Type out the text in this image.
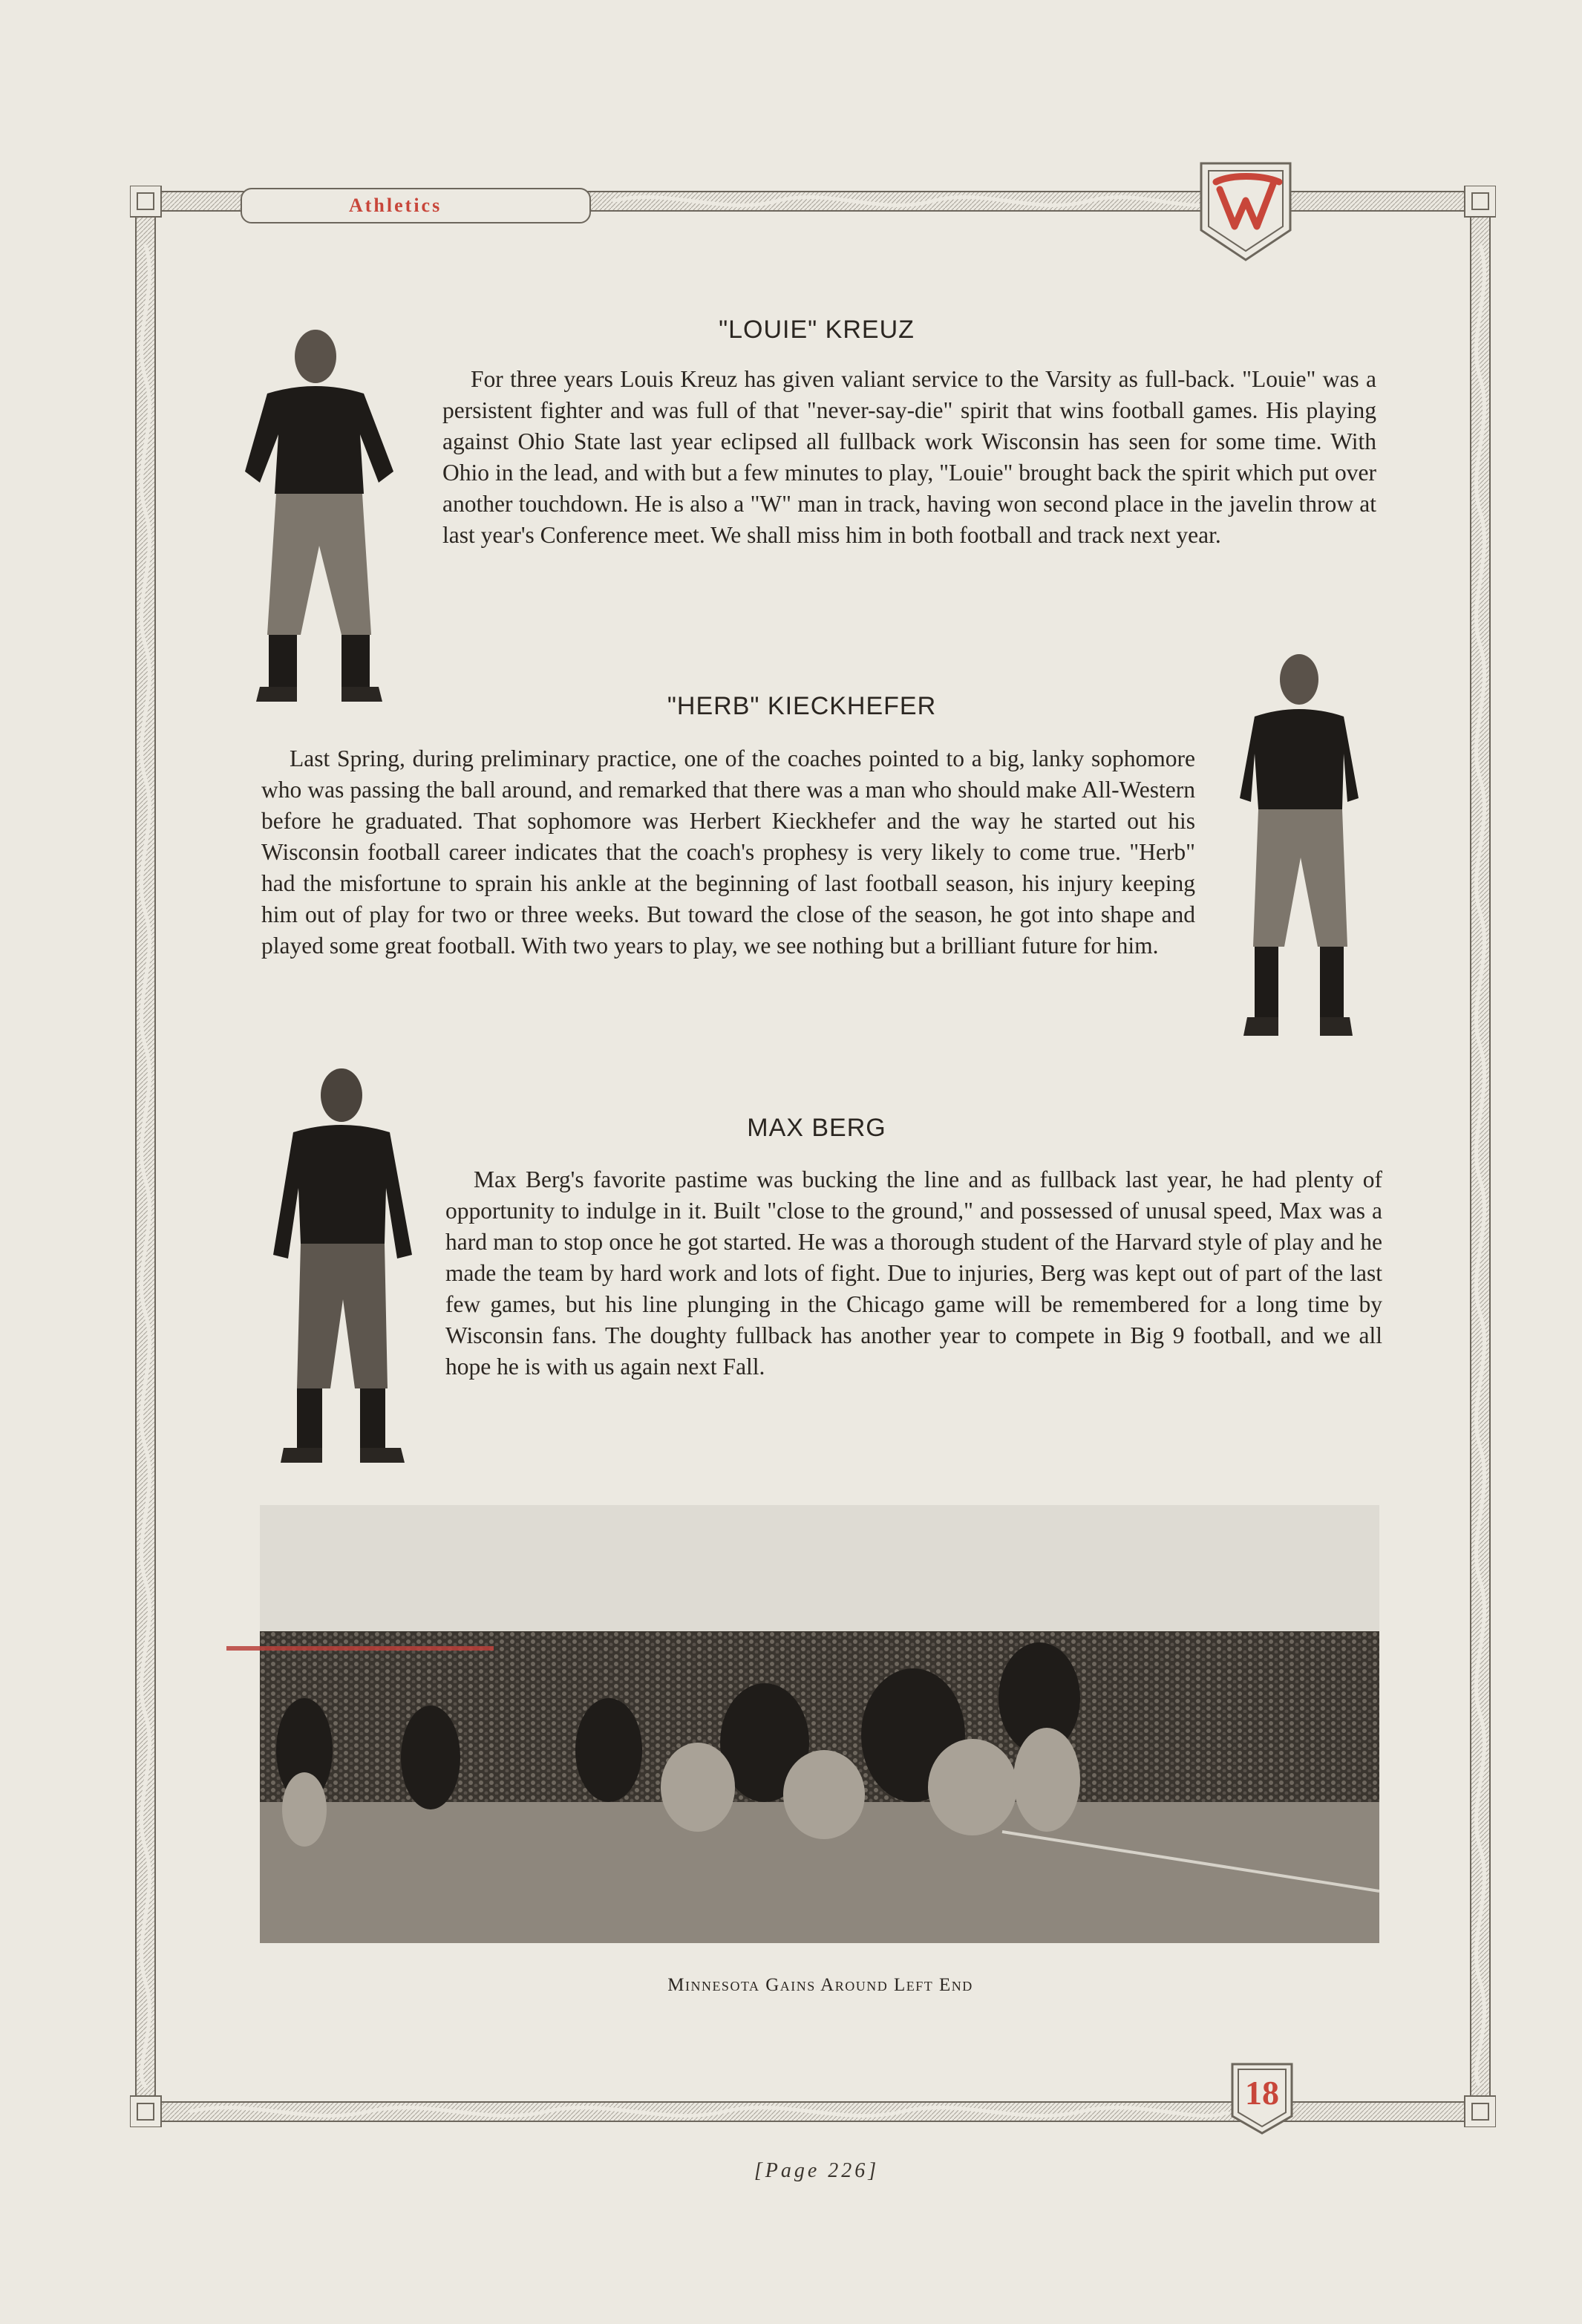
Athletics
18
"LOUIE" KREUZ

For three years Louis Kreuz has given valiant service to the Varsity as full-back. "Louie" was a persistent fighter and was full of that "never-say-die" spirit that wins football games. His playing against Ohio State last year eclipsed all fullback work Wisconsin has seen for some time. With Ohio in the lead, and with but a few minutes to play, "Louie" brought back the spirit which put over another touchdown. He is also a "W" man in track, having won second place in the javelin throw at last year's Conference meet. We shall miss him in both football and track next year.

"HERB" KIECKHEFER

Last Spring, during preliminary practice, one of the coaches pointed to a big, lanky sophomore who was passing the ball around, and remarked that there was a man who should make All-Western before he graduated. That sophomore was Herbert Kieckhefer and the way he started out his Wisconsin football career indicates that the coach's prophesy is very likely to come true. "Herb" had the misfortune to sprain his ankle at the beginning of last football season, his injury keeping him out of play for two or three weeks. But toward the close of the season, he got into shape and played some great football. With two years to play, we see nothing but a brilliant future for him.

MAX BERG

Max Berg's favorite pastime was bucking the line and as fullback last year, he had plenty of opportunity to indulge in it. Built "close to the ground," and possessed of unusal speed, Max was a hard man to stop once he got started. He was a thorough student of the Harvard style of play and he made the team by hard work and lots of fight. Due to injuries, Berg was kept out of part of the last few games, but his line plunging in the Chicago game will be remembered for a long time by Wisconsin fans. The doughty fullback has another year to compete in Big 9 football, and we all hope he is with us again next Fall.

Minnesota Gains Around Left End
[Page 226]
